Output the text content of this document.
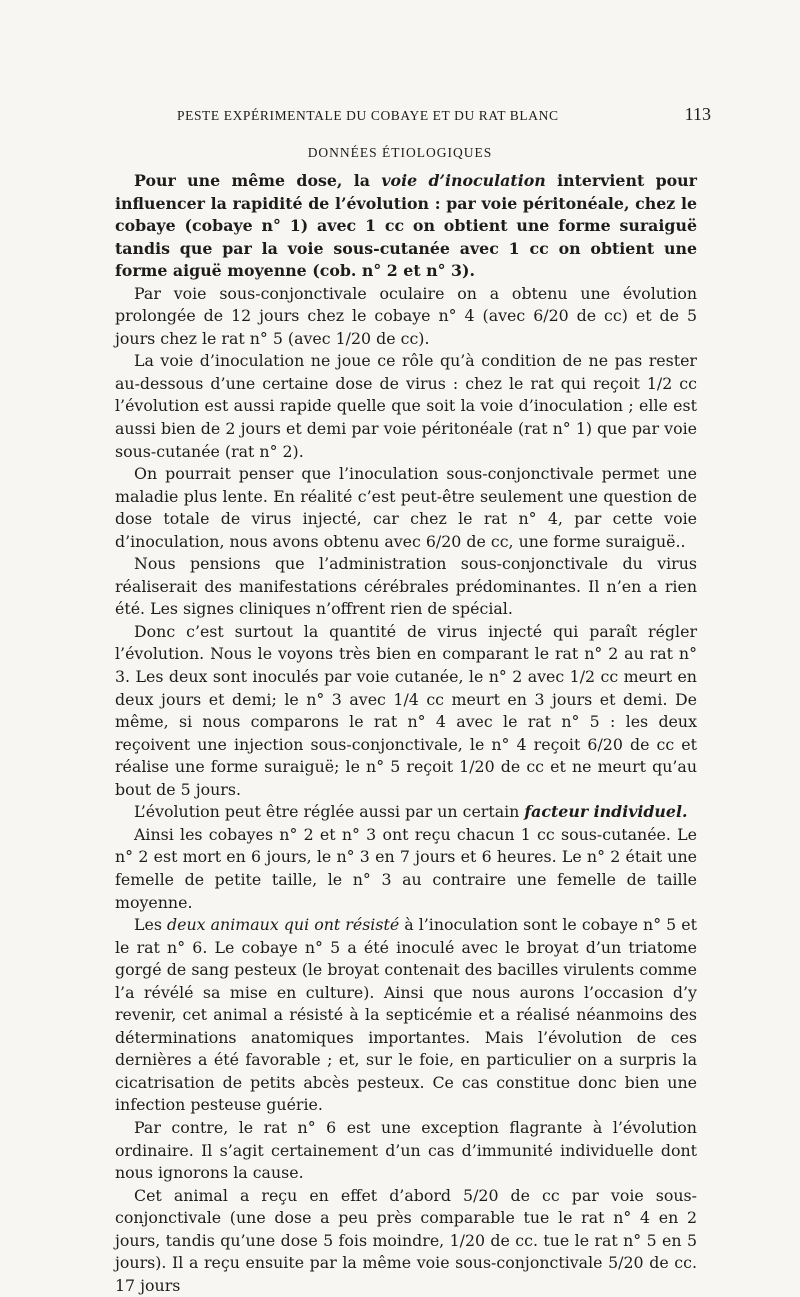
PESTE EXPÉRIMENTALE DU COBAYE ET DU RAT BLANC	113
DONNÉES ÉTIOLOGIQUES

Pour une même dose, la voie d’inoculation intervient pour influencer la rapidité de l’évolution : par voie péritonéale, chez le cobaye (cobaye n° 1) avec 1 cc on obtient une forme suraiguë tandis que par la voie sous-cutanée avec 1 cc on obtient une forme aiguë moyenne (cob. n° 2 et n° 3).

Par voie sous-conjonctivale oculaire on a obtenu une évolution prolongée de 12 jours chez le cobaye n° 4 (avec 6/20 de cc) et de 5 jours chez le rat n° 5 (avec 1/20 de cc).

La voie d’inoculation ne joue ce rôle qu’à condition de ne pas rester au-dessous d’une certaine dose de virus : chez le rat qui reçoit 1/2 cc l’évolution est aussi rapide quelle que soit la voie d’inoculation ; elle est aussi bien de 2 jours et demi par voie péritonéale (rat n° 1) que par voie sous-cutanée (rat n° 2).

On pourrait penser que l’inoculation sous-conjonctivale permet une maladie plus lente. En réalité c’est peut-être seulement une question de dose totale de virus injecté, car chez le rat n° 4, par cette voie d’inoculation, nous avons obtenu avec 6/20 de cc, une forme suraiguë..

Nous pensions que l’administration sous-conjonctivale du virus réaliserait des manifestations cérébrales prédominantes. Il n’en a rien été. Les signes cliniques n’offrent rien de spécial.

Donc c’est surtout la quantité de virus injecté qui paraît régler l’évolution. Nous le voyons très bien en comparant le rat n° 2 au rat n° 3. Les deux sont inoculés par voie cutanée, le n° 2 avec 1/2 cc meurt en deux jours et demi; le n° 3 avec 1/4 cc meurt en 3 jours et demi. De même, si nous comparons le rat n° 4 avec le rat n° 5 : les deux reçoivent une injection sous-conjonctivale, le n° 4 reçoit 6/20 de cc et réalise une forme suraiguë; le n° 5 reçoit 1/20 de cc et ne meurt qu’au bout de 5 jours.

L’évolution peut être réglée aussi par un certain facteur individuel.

Ainsi les cobayes n° 2 et n° 3 ont reçu chacun 1 cc sous-cutanée. Le n° 2 est mort en 6 jours, le n° 3 en 7 jours et 6 heures. Le n° 2 était une femelle de petite taille, le n° 3 au contraire une femelle de taille moyenne.

Les deux animaux qui ont résisté à l’inoculation sont le cobaye n° 5 et le rat n° 6. Le cobaye n° 5 a été inoculé avec le broyat d’un triatome gorgé de sang pesteux (le broyat contenait des bacilles virulents comme l’a révélé sa mise en culture). Ainsi que nous aurons l’occasion d’y revenir, cet animal a résisté à la septicémie et a réalisé néanmoins des déterminations anatomiques importantes. Mais l’évolution de ces dernières a été favorable ; et, sur le foie, en particulier on a surpris la cicatrisation de petits abcès pesteux. Ce cas constitue donc bien une infection pesteuse guérie.

Par contre, le rat n° 6 est une exception flagrante à l’évolution ordinaire. Il s’agit certainement d’un cas d’immunité individuelle dont nous ignorons la cause.

Cet animal a reçu en effet d’abord 5/20 de cc par voie sous-conjonctivale (une dose a peu près comparable tue le rat n° 4 en 2 jours, tandis qu’une dose 5 fois moindre, 1/20 de cc. tue le rat n° 5 en 5 jours). Il a reçu ensuite par la même voie sous-conjonctivale 5/20 de cc. 17 jours
